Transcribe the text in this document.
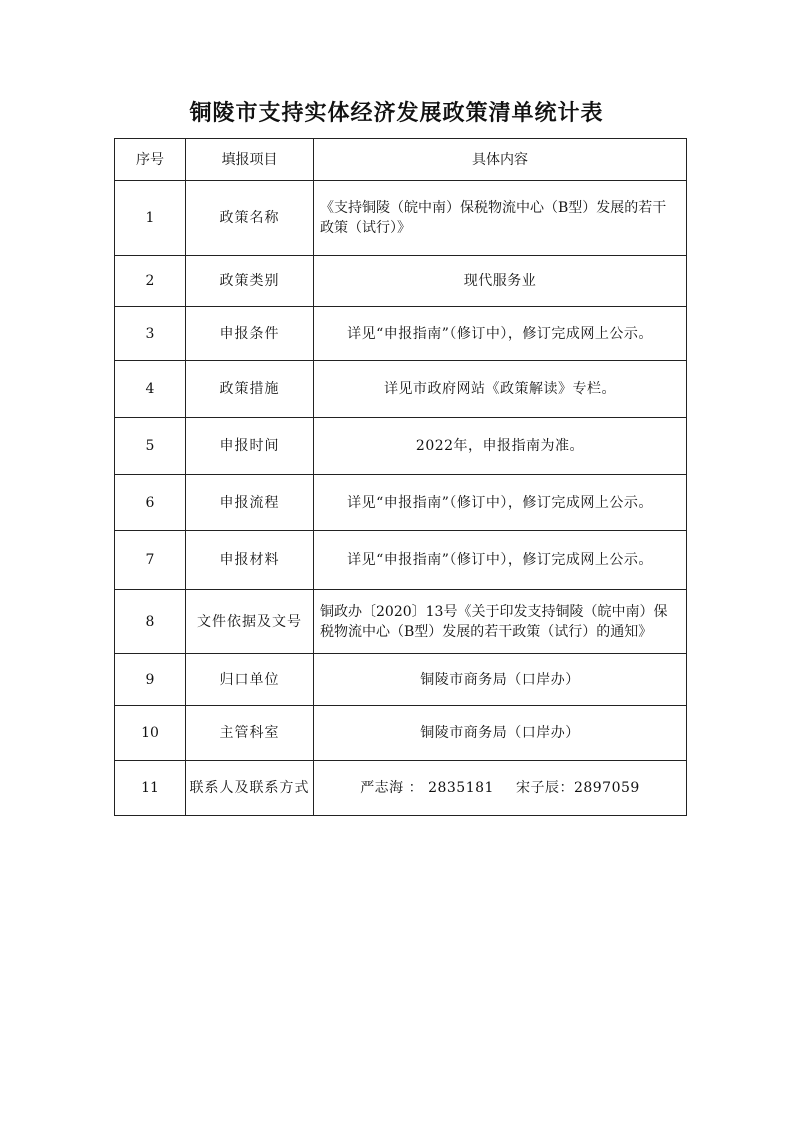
铜陵市支持实体经济发展政策清单统计表
序号	填报项目	具体内容
1	政策名称	《支持铜陵（皖中南）保税物流中心（B型）发展的若干政策（试行）》
2	政策类别	现代服务业
3	申报条件	详见“申报指南”（修订中），修订完成网上公示。
4	政策措施	详见市政府网站《政策解读》专栏。
5	申报时间	2022年，申报指南为准。
6	申报流程	详见“申报指南”（修订中），修订完成网上公示。
7	申报材料	详见“申报指南”（修订中），修订完成网上公示。
8	文件依据及文号	铜政办〔2020〕13号《关于印发支持铜陵（皖中南）保税物流中心（B型）发展的若干政策（试行）的通知》
9	归口单位	铜陵市商务局（口岸办）
10	主管科室	铜陵市商务局（口岸办）
11	联系人及联系方式	严志海 ： 2835181 宋子辰：2897059
